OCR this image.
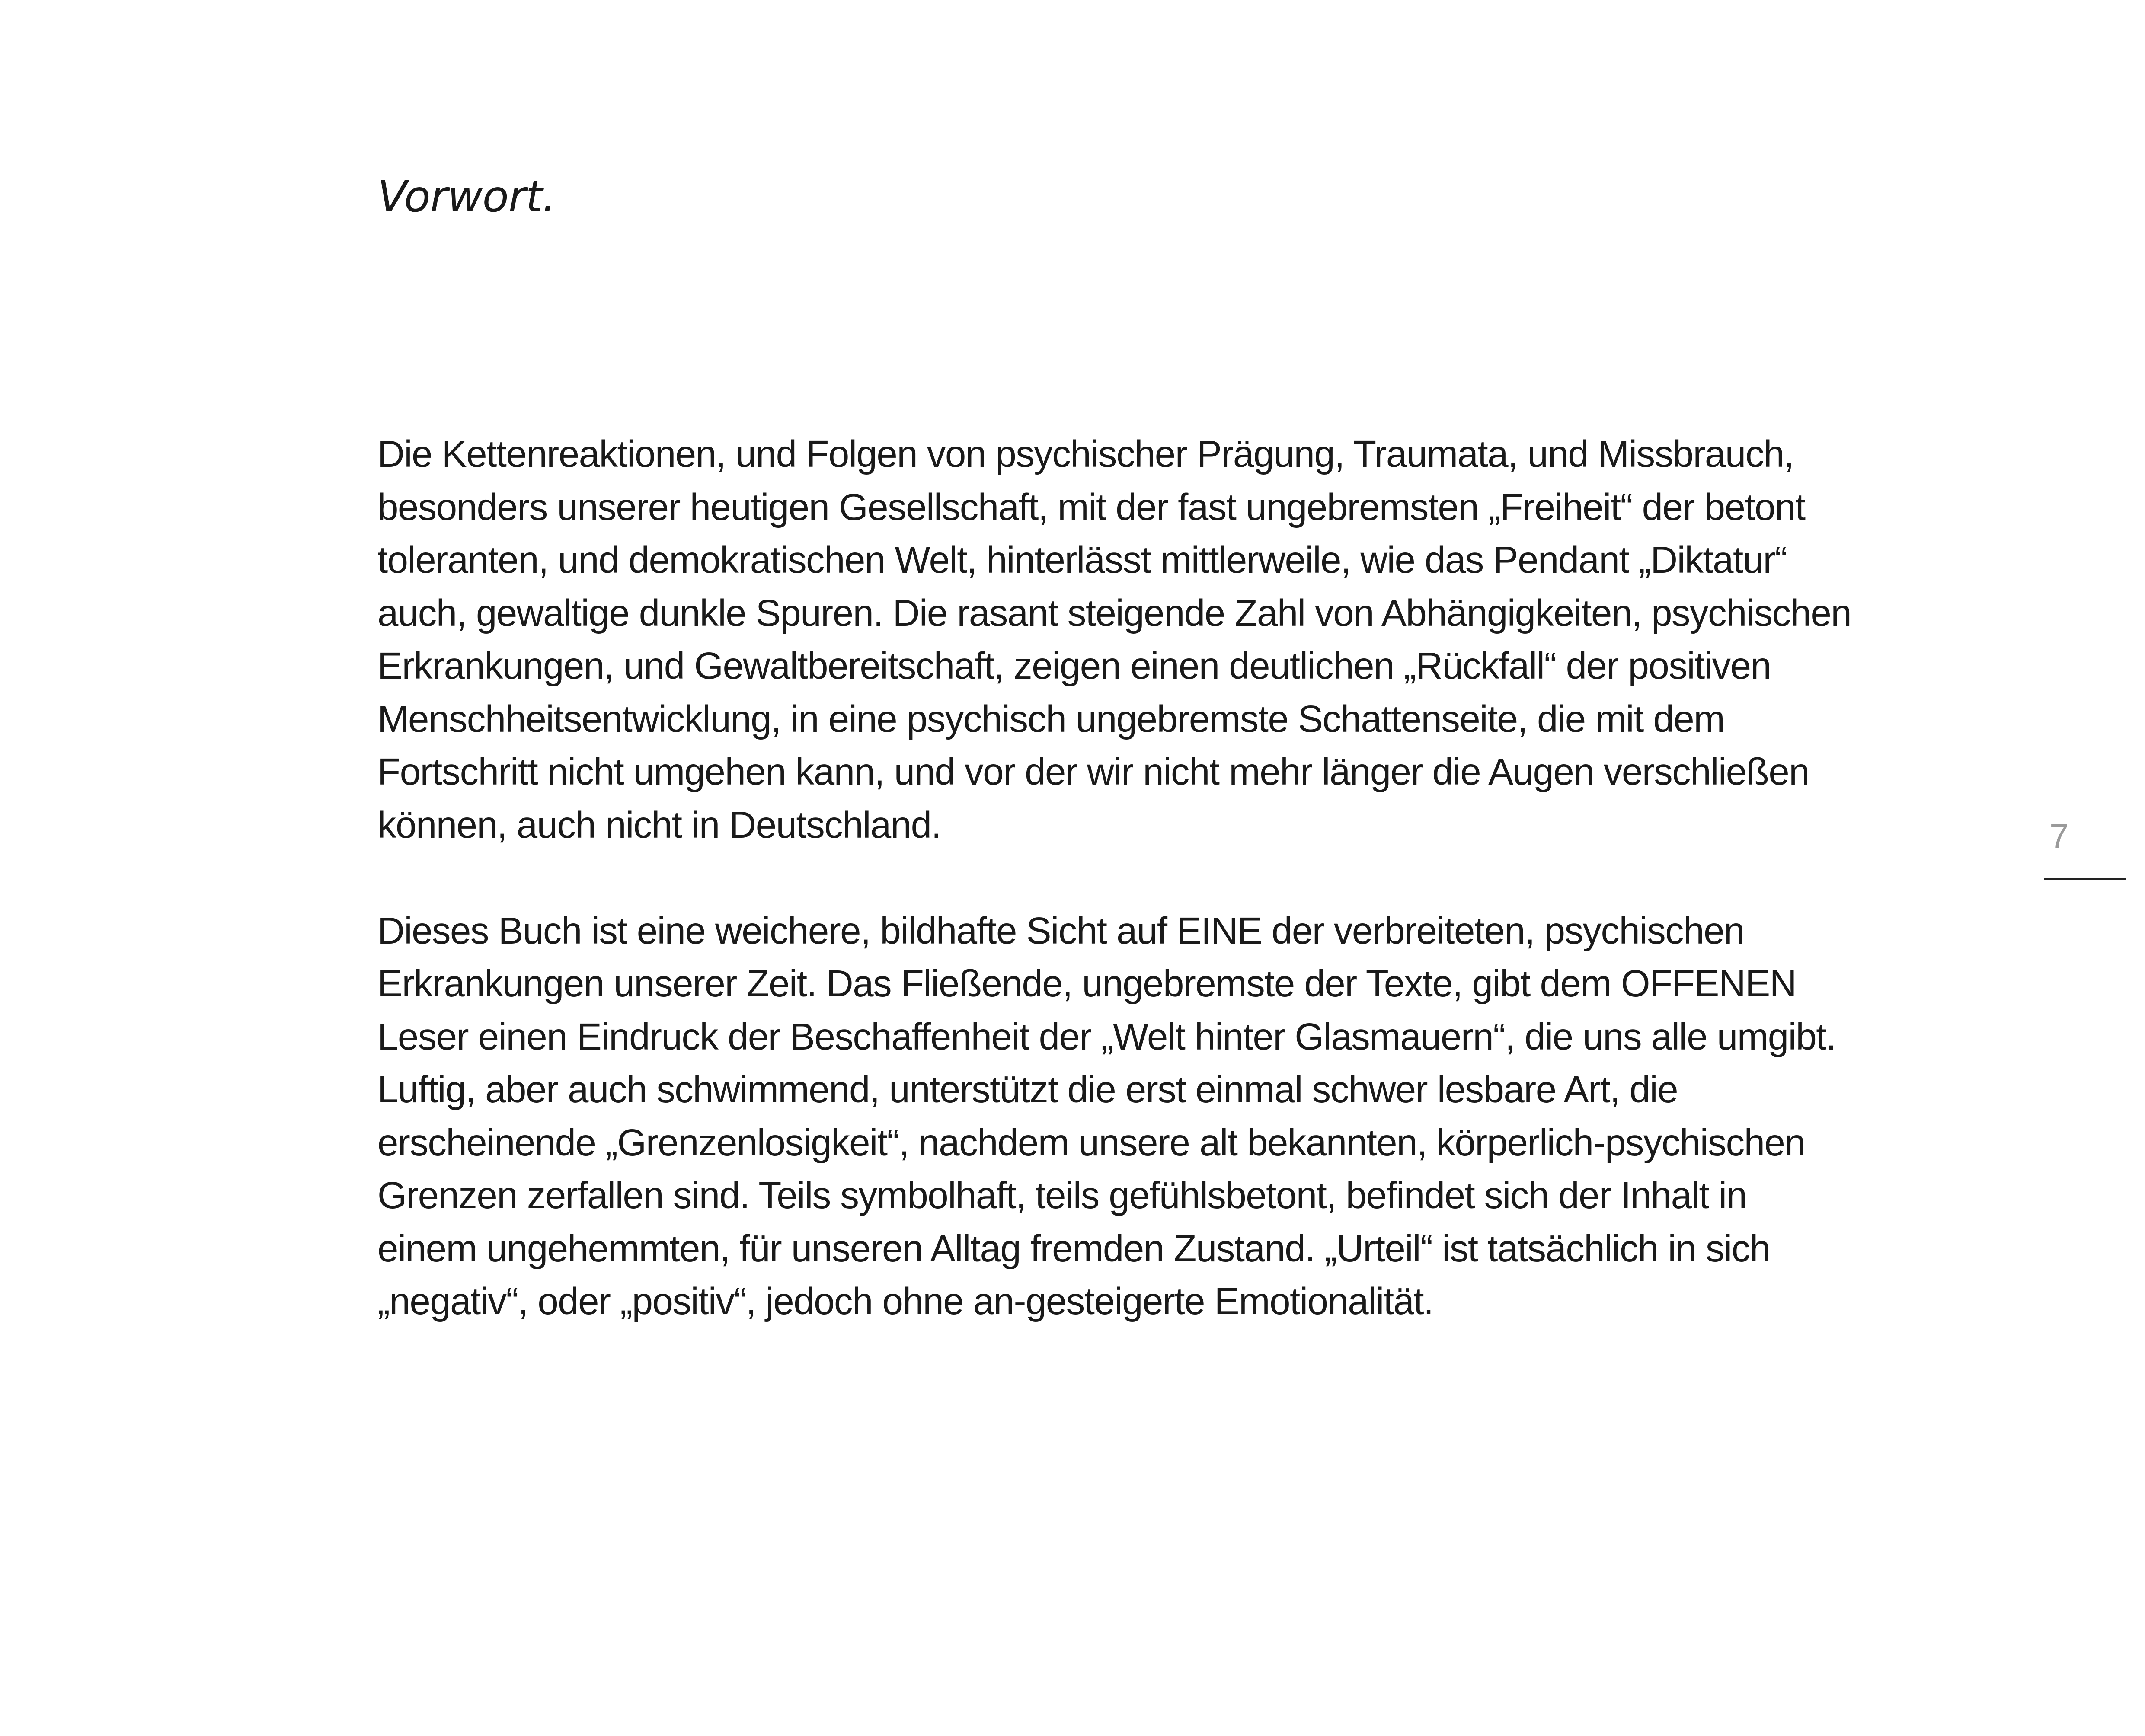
Vorwort.
Die Kettenreaktionen, und Folgen von psychischer Prägung, Traumata, und Missbrauch,
besonders unserer heutigen Gesellschaft, mit der fast ungebremsten „Freiheit“ der betont
toleranten, und demokratischen Welt, hinterlässt mittlerweile, wie das Pendant „Diktatur“
auch, gewaltige dunkle Spuren. Die rasant steigende Zahl von Abhängigkeiten, psychischen
Erkrankungen, und Gewaltbereitschaft, zeigen einen deutlichen „Rückfall“ der positiven
Menschheitsentwicklung, in eine psychisch ungebremste Schattenseite, die mit dem
Fortschritt nicht umgehen kann, und vor der wir nicht mehr länger die Augen verschließen
können, auch nicht in Deutschland.
Dieses Buch ist eine weichere, bildhafte Sicht auf EINE der verbreiteten, psychischen
Erkrankungen unserer Zeit. Das Fließende, ungebremste der Texte, gibt dem OFFENEN
Leser einen Eindruck der Beschaffenheit der „Welt hinter Glasmauern“, die uns alle umgibt.
Luftig, aber auch schwimmend, unterstützt die erst einmal schwer lesbare Art, die
erscheinende „Grenzenlosigkeit“, nachdem unsere alt bekannten, körperlich-psychischen
Grenzen zerfallen sind. Teils symbolhaft, teils gefühlsbetont, befindet sich der Inhalt in
einem ungehemmten, für unseren Alltag fremden Zustand. „Urteil“ ist tatsächlich in sich
„negativ“, oder „positiv“, jedoch ohne an-gesteigerte Emotionalität.
7
